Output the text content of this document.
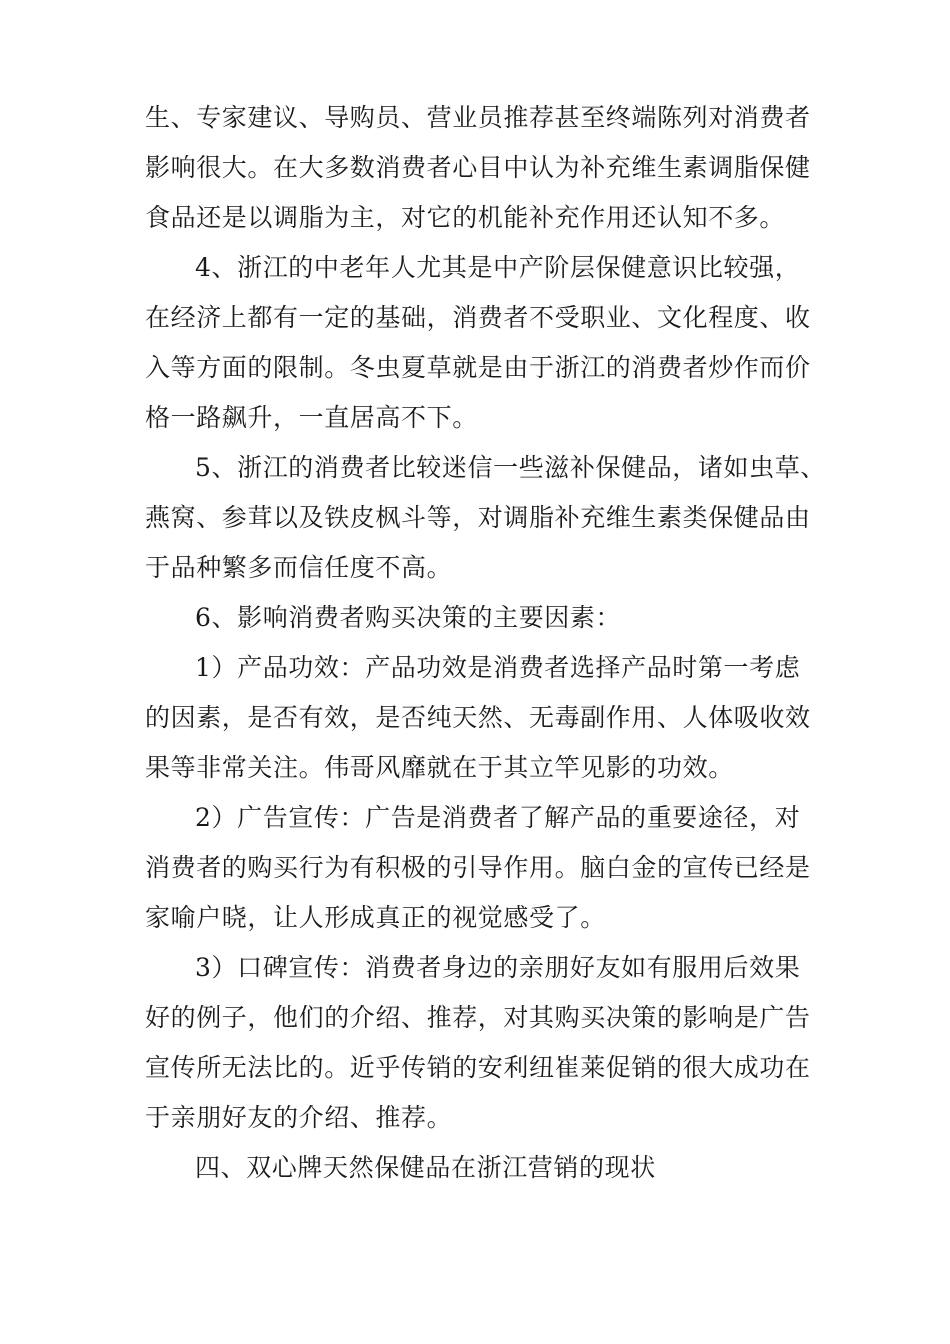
生、专家建议、导购员、营业员推荐甚至终端陈列对消费者
影响很大。在大多数消费者心目中认为补充维生素调脂保健
食品还是以调脂为主，对它的机能补充作用还认知不多。
4、浙江的中老年人尤其是中产阶层保健意识比较强，
在经济上都有一定的基础，消费者不受职业、文化程度、收
入等方面的限制。冬虫夏草就是由于浙江的消费者炒作而价
格一路飙升，一直居高不下。
5、浙江的消费者比较迷信一些滋补保健品，诸如虫草、
燕窝、参茸以及铁皮枫斗等，对调脂补充维生素类保健品由
于品种繁多而信任度不高。
6、影响消费者购买决策的主要因素：
1）产品功效：产品功效是消费者选择产品时第一考虑
的因素，是否有效，是否纯天然、无毒副作用、人体吸收效
果等非常关注。伟哥风靡就在于其立竿见影的功效。
2）广告宣传：广告是消费者了解产品的重要途径，对
消费者的购买行为有积极的引导作用。脑白金的宣传已经是
家喻户晓，让人形成真正的视觉感受了。
3）口碑宣传：消费者身边的亲朋好友如有服用后效果
好的例子，他们的介绍、推荐，对其购买决策的影响是广告
宣传所无法比的。近乎传销的安利纽崔莱促销的很大成功在
于亲朋好友的介绍、推荐。
四、双心牌天然保健品在浙江营销的现状
